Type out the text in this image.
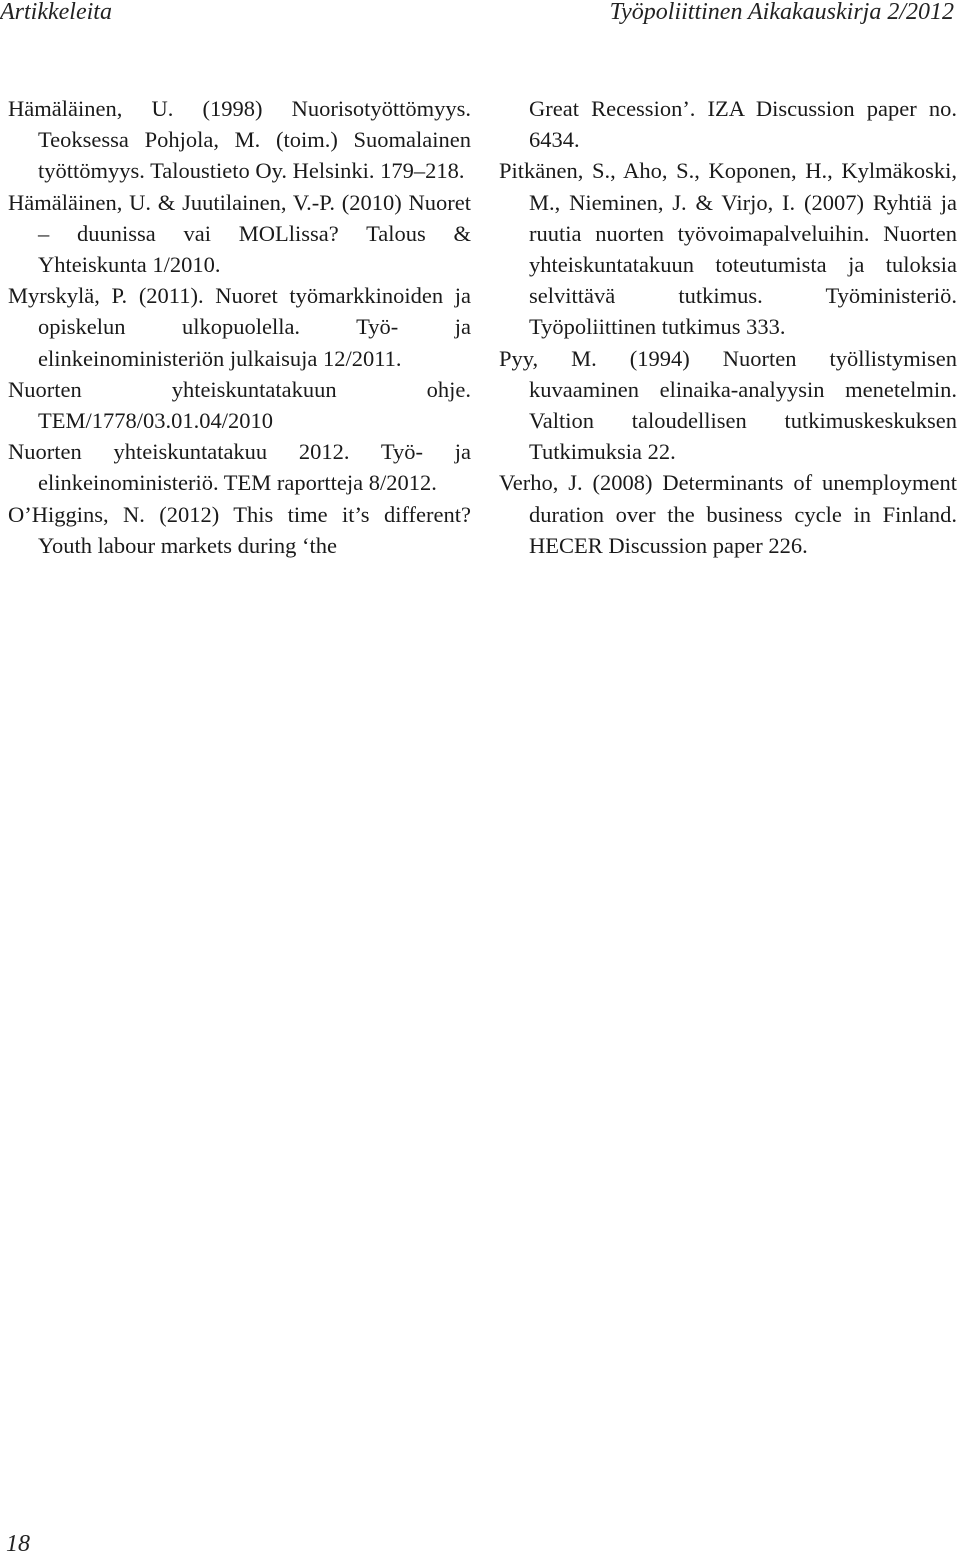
Artikkeleita	Työpoliittinen Aikakauskirja 2/2012

Hämäläinen, U. (1998) Nuorisotyöttömyys. Teoksessa Pohjola, M. (toim.) Suomalainen työttömyys. Taloustieto Oy. Helsinki. 179–218.

Hämäläinen, U. & Juutilainen, V.-P. (2010) Nuoret – duunissa vai MOLlissa? Talous & Yhteiskunta 1/2010.

Myrskylä, P. (2011). Nuoret työmarkkinoiden ja opiskelun ulkopuolella. Työ- ja elinkeinoministeriön julkaisuja 12/2011.

Nuorten yhteiskuntatakuun ohje. TEM/1778/03.01.04/2010

Nuorten yhteiskuntatakuu 2012. Työ- ja elinkeinoministeriö. TEM raportteja 8/2012.

O’Higgins, N. (2012) This time it’s different? Youth labour markets during ‘the

Great Recession’. IZA Discussion paper no. 6434.

Pitkänen, S., Aho, S., Koponen, H., Kylmäkoski, M., Nieminen, J. & Virjo, I. (2007) Ryhtiä ja ruutia nuorten työvoimapalveluihin. Nuorten yhteiskuntatakuun toteutumista ja tuloksia selvittävä tutkimus. Työministeriö. Työpoliittinen tutkimus 333.

Pyy, M. (1994) Nuorten työllistymisen kuvaaminen elinaika-analyysin menetelmin. Valtion taloudellisen tutkimuskeskuksen Tutkimuksia 22.

Verho, J. (2008) Determinants of unemployment duration over the business cycle in Finland. HECER Discussion paper 226.

18
